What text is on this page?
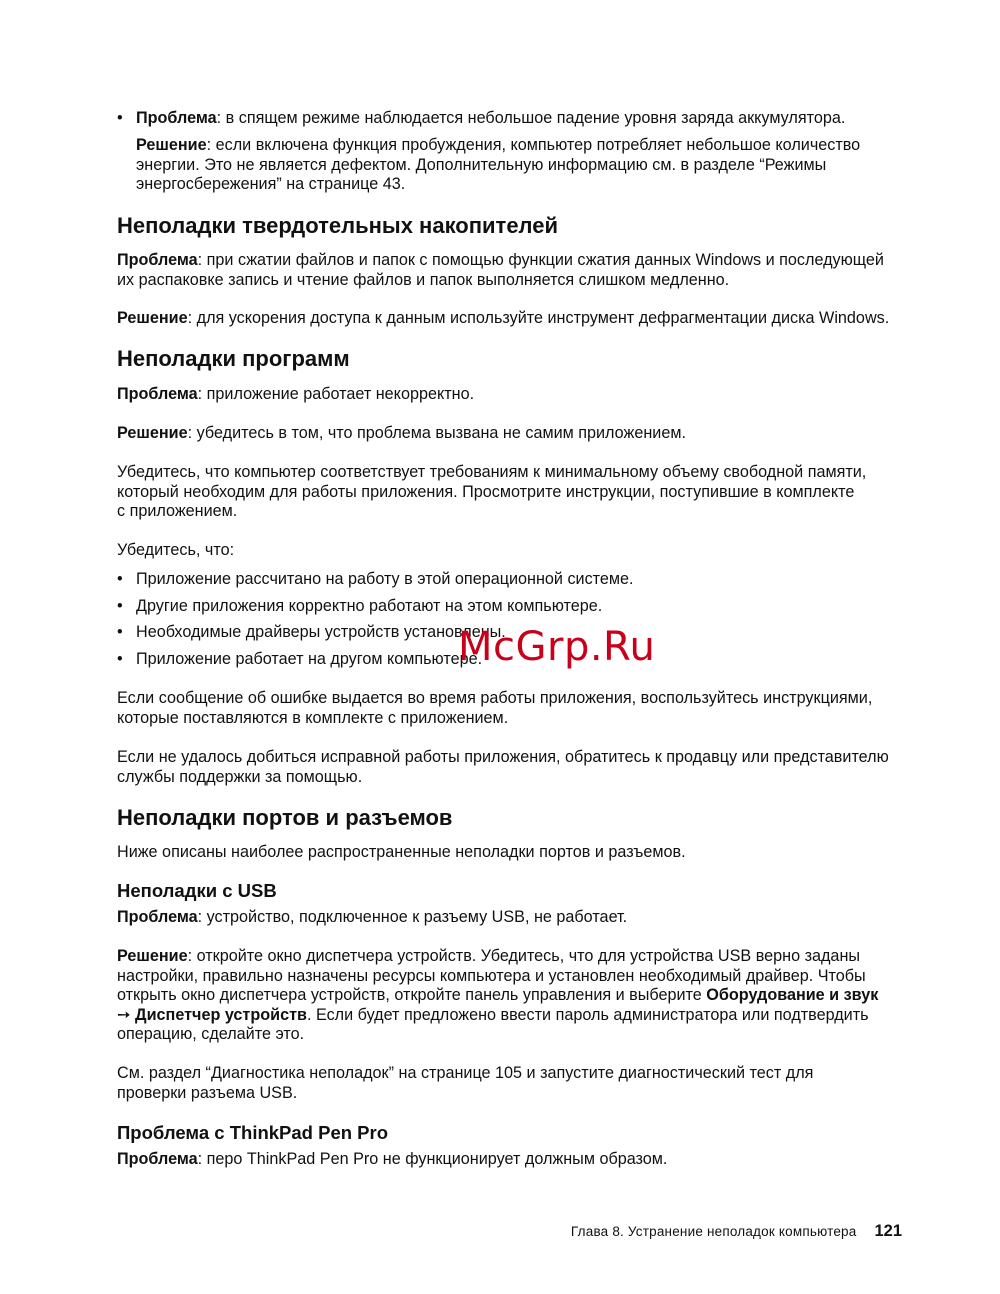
• Проблема: в спящем режиме наблюдается небольшое падение уровня заряда аккумулятора.

Решение: если включена функция пробуждения, компьютер потребляет небольшое количество

энергии. Это не является дефектом. Дополнительную информацию см. в разделе “Режимы

энергосбережения” на странице 43.

Неполадки твердотельных накопителей

Проблема: при сжатии файлов и папок с помощью функции сжатия данных Windows и последующей

их распаковке запись и чтение файлов и папок выполняется слишком медленно.

Решение: для ускорения доступа к данным используйте инструмент дефрагментации диска Windows.

Неполадки программ

Проблема: приложение работает некорректно.

Решение: убедитесь в том, что проблема вызвана не самим приложением.

Убедитесь, что компьютер соответствует требованиям к минимальному объему свободной памяти,

который необходим для работы приложения. Просмотрите инструкции, поступившие в комплекте

с приложением.

Убедитесь, что:

• Приложение рассчитано на работу в этой операционной системе.
• Другие приложения корректно работают на этом компьютере.
• Необходимые драйверы устройств установлены.
• Приложение работает на другом компьютере.

Если сообщение об ошибке выдается во время работы приложения, воспользуйтесь инструкциями,

которые поставляются в комплекте с приложением.

Если не удалось добиться исправной работы приложения, обратитесь к продавцу или представителю

службы поддержки за помощью.

Неполадки портов и разъемов

Ниже описаны наиболее распространенные неполадки портов и разъемов.

Неполадки с USB

Проблема: устройство, подключенное к разъему USB, не работает.

Решение: откройте окно диспетчера устройств. Убедитесь, что для устройства USB верно заданы

настройки, правильно назначены ресурсы компьютера и установлен необходимый драйвер. Чтобы

открыть окно диспетчера устройств, откройте панель управления и выберите Оборудование и звук

➙ Диспетчер устройств. Если будет предложено ввести пароль администратора или подтвердить

операцию, сделайте это.

См. раздел “Диагностика неполадок” на странице 105 и запустите диагностический тест для

проверки разъема USB.

Проблема с ThinkPad Pen Pro

Проблема: перо ThinkPad Pen Pro не функционирует должным образом.

McGrp.Ru
Глава 8. Устранение неполадок компьютера 121
